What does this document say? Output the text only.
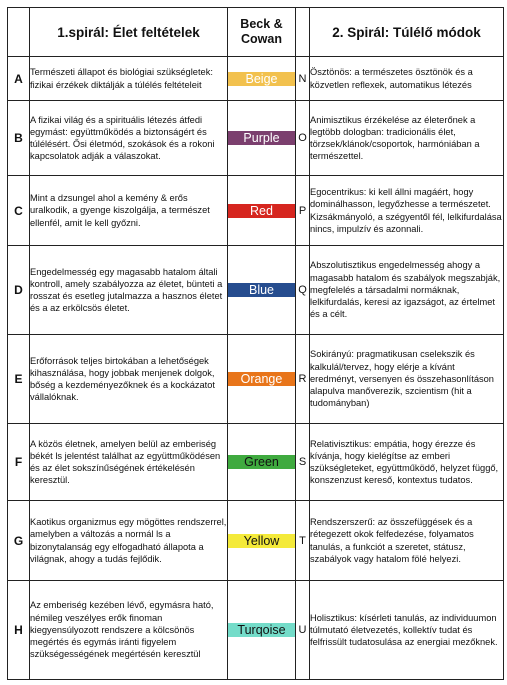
	1.spirál: Élet feltételek	Beck &
Cowan		2. Spirál: Túlélő módok
A	Természeti állapot és biológiai szükségletek: fizikai érzékek diktálják a túlélés feltételeit	Beige	N	Ösztönös: a természetes ösztönök és a közvetlen reflexek, automatikus létezés
B	A fizikai világ és a spirituális létezés átfedi egymást: együttműködés a biztonságért és túlélésért. Ősi életmód, szokások és a rokoni kapcsolatok adják a válaszokat.	Purple	O	Animisztikus érzékelése az életerőnek a legtöbb dologban: tradicionális élet, törzsek/klánok/csoportok, harmóniában a természettel.
C	Mint a dzsungel ahol a kemény & erős uralkodik, a gyenge kiszolgálja, a természet ellenfél, amit le kell győzni.	Red	P	Egocentrikus: ki kell állni magáért, hogy dominálhasson, legyőzhesse a természetet. Kizsákmányoló, a szégyentől fél, lelkifurdalása nincs, impulzív és azonnali.
D	Engedelmesség egy magasabb hatalom általi kontroll, amely szabályozza az életet, bünteti a rosszat és esetleg jutalmazza a hasznos életet és a az erkölcsös életet.	Blue	Q	Abszolutisztikus engedelmesség ahogy a magasabb hatalom és szabályok megszabják, megfelelés a társadalmi normáknak, lelkifurdalás, keresi az igazságot, az értelmet és a célt.
E	Erőforrások teljes birtokában a lehetőségek kihasználása, hogy jobbak menjenek dolgok, bőség a kezdeményezőknek és a kockázatot vállalóknak.	Orange	R	Sokirányú: pragmatikusan cselekszik és kalkulál/tervez, hogy elérje a kívánt eredményt, versenyen és összehasonlításon alapulva manőverezik, szcientism (hit a tudományban)
F	A közös életnek, amelyen belül az emberiség békét ls jelentést találhat az együttműködésen és az élet sokszínűségének értékelésén keresztül.	Green	S	Relativisztikus: empátia, hogy érezze és kívánja, hogy kielégítse az emberi szükségleteket, együttműködő, helyzet függő, konszenzust kereső, kontextus tudatos.
G	Kaotikus organizmus egy mögöttes rendszerrel, amelyben a változás a normál ls a bizonytalanság egy elfogadható állapota a világnak, ahogy a tudás fejlődik.	Yellow	T	Rendszerszerű: az összefüggések és a rétegezett okok felfedezése, folyamatos tanulás, a funkciót a szeretet, státusz, szabályok vagy hatalom fölé helyezi.
H	Az emberiség kezében lévő, egymásra ható, némileg veszélyes erők finoman kiegyensúlyozott rendszere a kölcsönös megértés és egymás iránti figyelem szükségességének megértésén keresztül	Turqoise	U	Holisztikus: kísérleti tanulás, az individuumon túlmutató életvezetés, kollektív tudat és felfrissült tudatosulása az energiai mezőknek.
